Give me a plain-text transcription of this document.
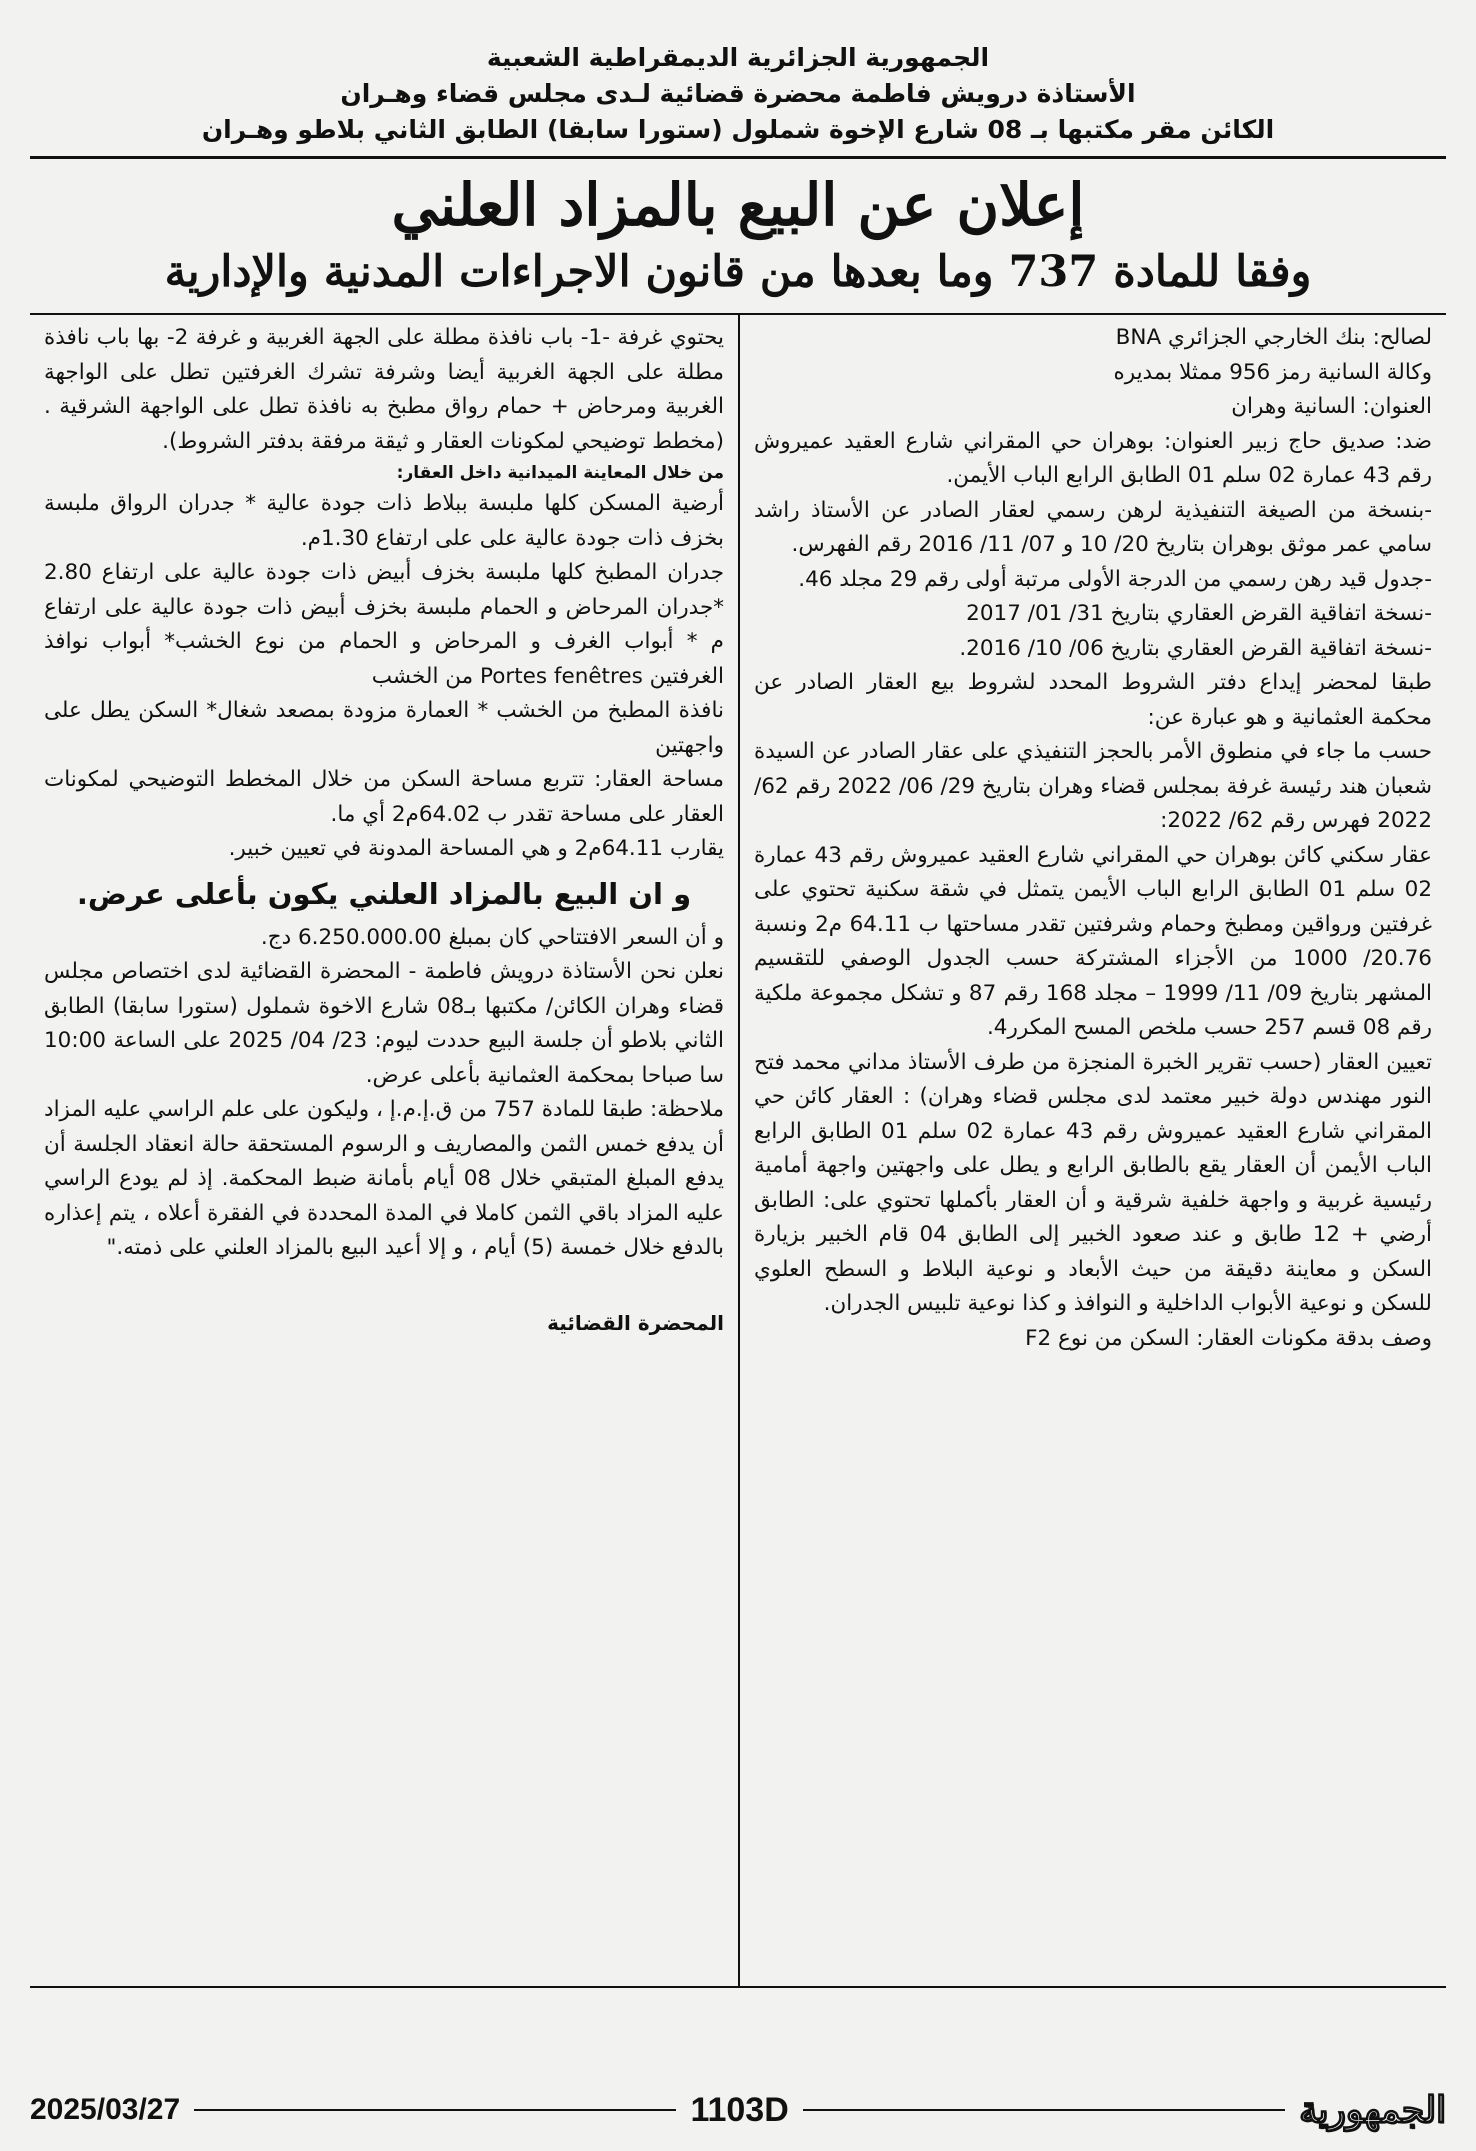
الجمهورية الجزائرية الديمقراطية الشعبية
الأستاذة درويش فاطمة محضرة قضائية لـدى مجلس قضاء وهـران
الكائن مقر مكتبها بـ 08 شارع الإخوة شملول (ستورا سابقا) الطابق الثاني بلاطو وهـران
إعلان عن البيع بالمزاد العلني
وفقا للمادة 737 وما بعدها من قانون الاجراءات المدنية والإدارية

لصالح: بنك الخارجي الجزائري BNA

وكالة السانية رمز 956 ممثلا بمديره

العنوان: السانية وهران

ضد: صديق حاج زبير العنوان: بوهران حي المقراني شارع العقيد عميروش رقم 43 عمارة 02 سلم 01 الطابق الرابع الباب الأيمن.

-بنسخة من الصيغة التنفيذية لرهن رسمي لعقار الصادر عن الأستاذ راشد سامي عمر موثق بوهران بتاريخ 20/ 10 و 07/ 11/ 2016 رقم الفهرس.

-جدول قيد رهن رسمي من الدرجة الأولى مرتبة أولى رقم 29 مجلد 46.

-نسخة اتفاقية القرض العقاري بتاريخ 31/ 01/ 2017

-نسخة اتفاقية القرض العقاري بتاريخ 06/ 10/ 2016.

طبقا لمحضر إيداع دفتر الشروط المحدد لشروط بيع العقار الصادر عن محكمة العثمانية و هو عبارة عن:

حسب ما جاء في منطوق الأمر بالحجز التنفيذي على عقار الصادر عن السيدة شعبان هند رئيسة غرفة بمجلس قضاء وهران بتاريخ 29/ 06/ 2022 رقم 62/ 2022 فهرس رقم 62/ 2022:

عقار سكني كائن بوهران حي المقراني شارع العقيد عميروش رقم 43 عمارة 02 سلم 01 الطابق الرابع الباب الأيمن يتمثل في شقة سكنية تحتوي على غرفتين ورواقين ومطبخ وحمام وشرفتين تقدر مساحتها ب 64.11 م2 ونسبة 20.76/ 1000 من الأجزاء المشتركة حسب الجدول الوصفي للتقسيم المشهر بتاريخ 09/ 11/ 1999 – مجلد 168 رقم 87 و تشكل مجموعة ملكية رقم 08 قسم 257 حسب ملخص المسح المكرر4.

تعيين العقار (حسب تقرير الخبرة المنجزة من طرف الأستاذ مداني محمد فتح النور مهندس دولة خبير معتمد لدى مجلس قضاء وهران) : العقار كائن حي المقراني شارع العقيد عميروش رقم 43 عمارة 02 سلم 01 الطابق الرابع الباب الأيمن أن العقار يقع بالطابق الرابع و يطل على واجهتين واجهة أمامية رئيسية غربية و واجهة خلفية شرقية و أن العقار بأكملها تحتوي على: الطابق أرضي + 12 طابق و عند صعود الخبير إلى الطابق 04 قام الخبير بزيارة السكن و معاينة دقيقة من حيث الأبعاد و نوعية البلاط و السطح العلوي للسكن و نوعية الأبواب الداخلية و النوافذ و كذا نوعية تلبيس الجدران.

وصف بدقة مكونات العقار: السكن من نوع F2

يحتوي غرفة -1- باب نافذة مطلة على الجهة الغربية و غرفة 2- بها باب نافذة مطلة على الجهة الغربية أيضا وشرفة تشرك الغرفتين تطل على الواجهة الغربية ومرحاض + حمام رواق مطبخ به نافذة تطل على الواجهة الشرقية .(مخطط توضيحي لمكونات العقار و ثيقة مرفقة بدفتر الشروط).

من خلال المعاينة الميدانية داخل العقار:

أرضية المسكن كلها ملبسة ببلاط ذات جودة عالية * جدران الرواق ملبسة بخزف ذات جودة عالية على على ارتفاع 1.30م.

جدران المطبخ كلها ملبسة بخزف أبيض ذات جودة عالية على ارتفاع 2.80 *جدران المرحاض و الحمام ملبسة بخزف أبيض ذات جودة عالية على ارتفاع م * أبواب الغرف و المرحاض و الحمام من نوع الخشب* أبواب نوافذ الغرفتين Portes fenêtres من الخشب

نافذة المطبخ من الخشب * العمارة مزودة بمصعد شغال* السكن يطل على واجهتين

مساحة العقار: تتربع مساحة السكن من خلال المخطط التوضيحي لمكونات العقار على مساحة تقدر ب 64.02م2 أي ما.

يقارب 64.11م2 و هي المساحة المدونة في تعيين خبير.

و ان البيع بالمزاد العلني يكون بأعلى عرض.

و أن السعر الافتتاحي كان بمبلغ 6.250.000.00 دج.

نعلن نحن الأستاذة درويش فاطمة - المحضرة القضائية لدى اختصاص مجلس قضاء وهران الكائن/ مكتبها بـ08 شارع الاخوة شملول (ستورا سابقا) الطابق الثاني بلاطو أن جلسة البيع حددت ليوم: 23/ 04/ 2025 على الساعة 10:00 سا صباحا بمحكمة العثمانية بأعلى عرض.

ملاحظة: طبقا للمادة 757 من ق.إ.م.إ ، وليكون على علم الراسي عليه المزاد أن يدفع خمس الثمن والمصاريف و الرسوم المستحقة حالة انعقاد الجلسة أن يدفع المبلغ المتبقي خلال 08 أيام بأمانة ضبط المحكمة. إذ لم يودع الراسي عليه المزاد باقي الثمن كاملا في المدة المحددة في الفقرة أعلاه ، يتم إعذاره بالدفع خلال خمسة (5) أيام ، و إلا أعيد البيع بالمزاد العلني على ذمته."

المحضرة القضائية
2025/03/27	1103D	الجمهورية
